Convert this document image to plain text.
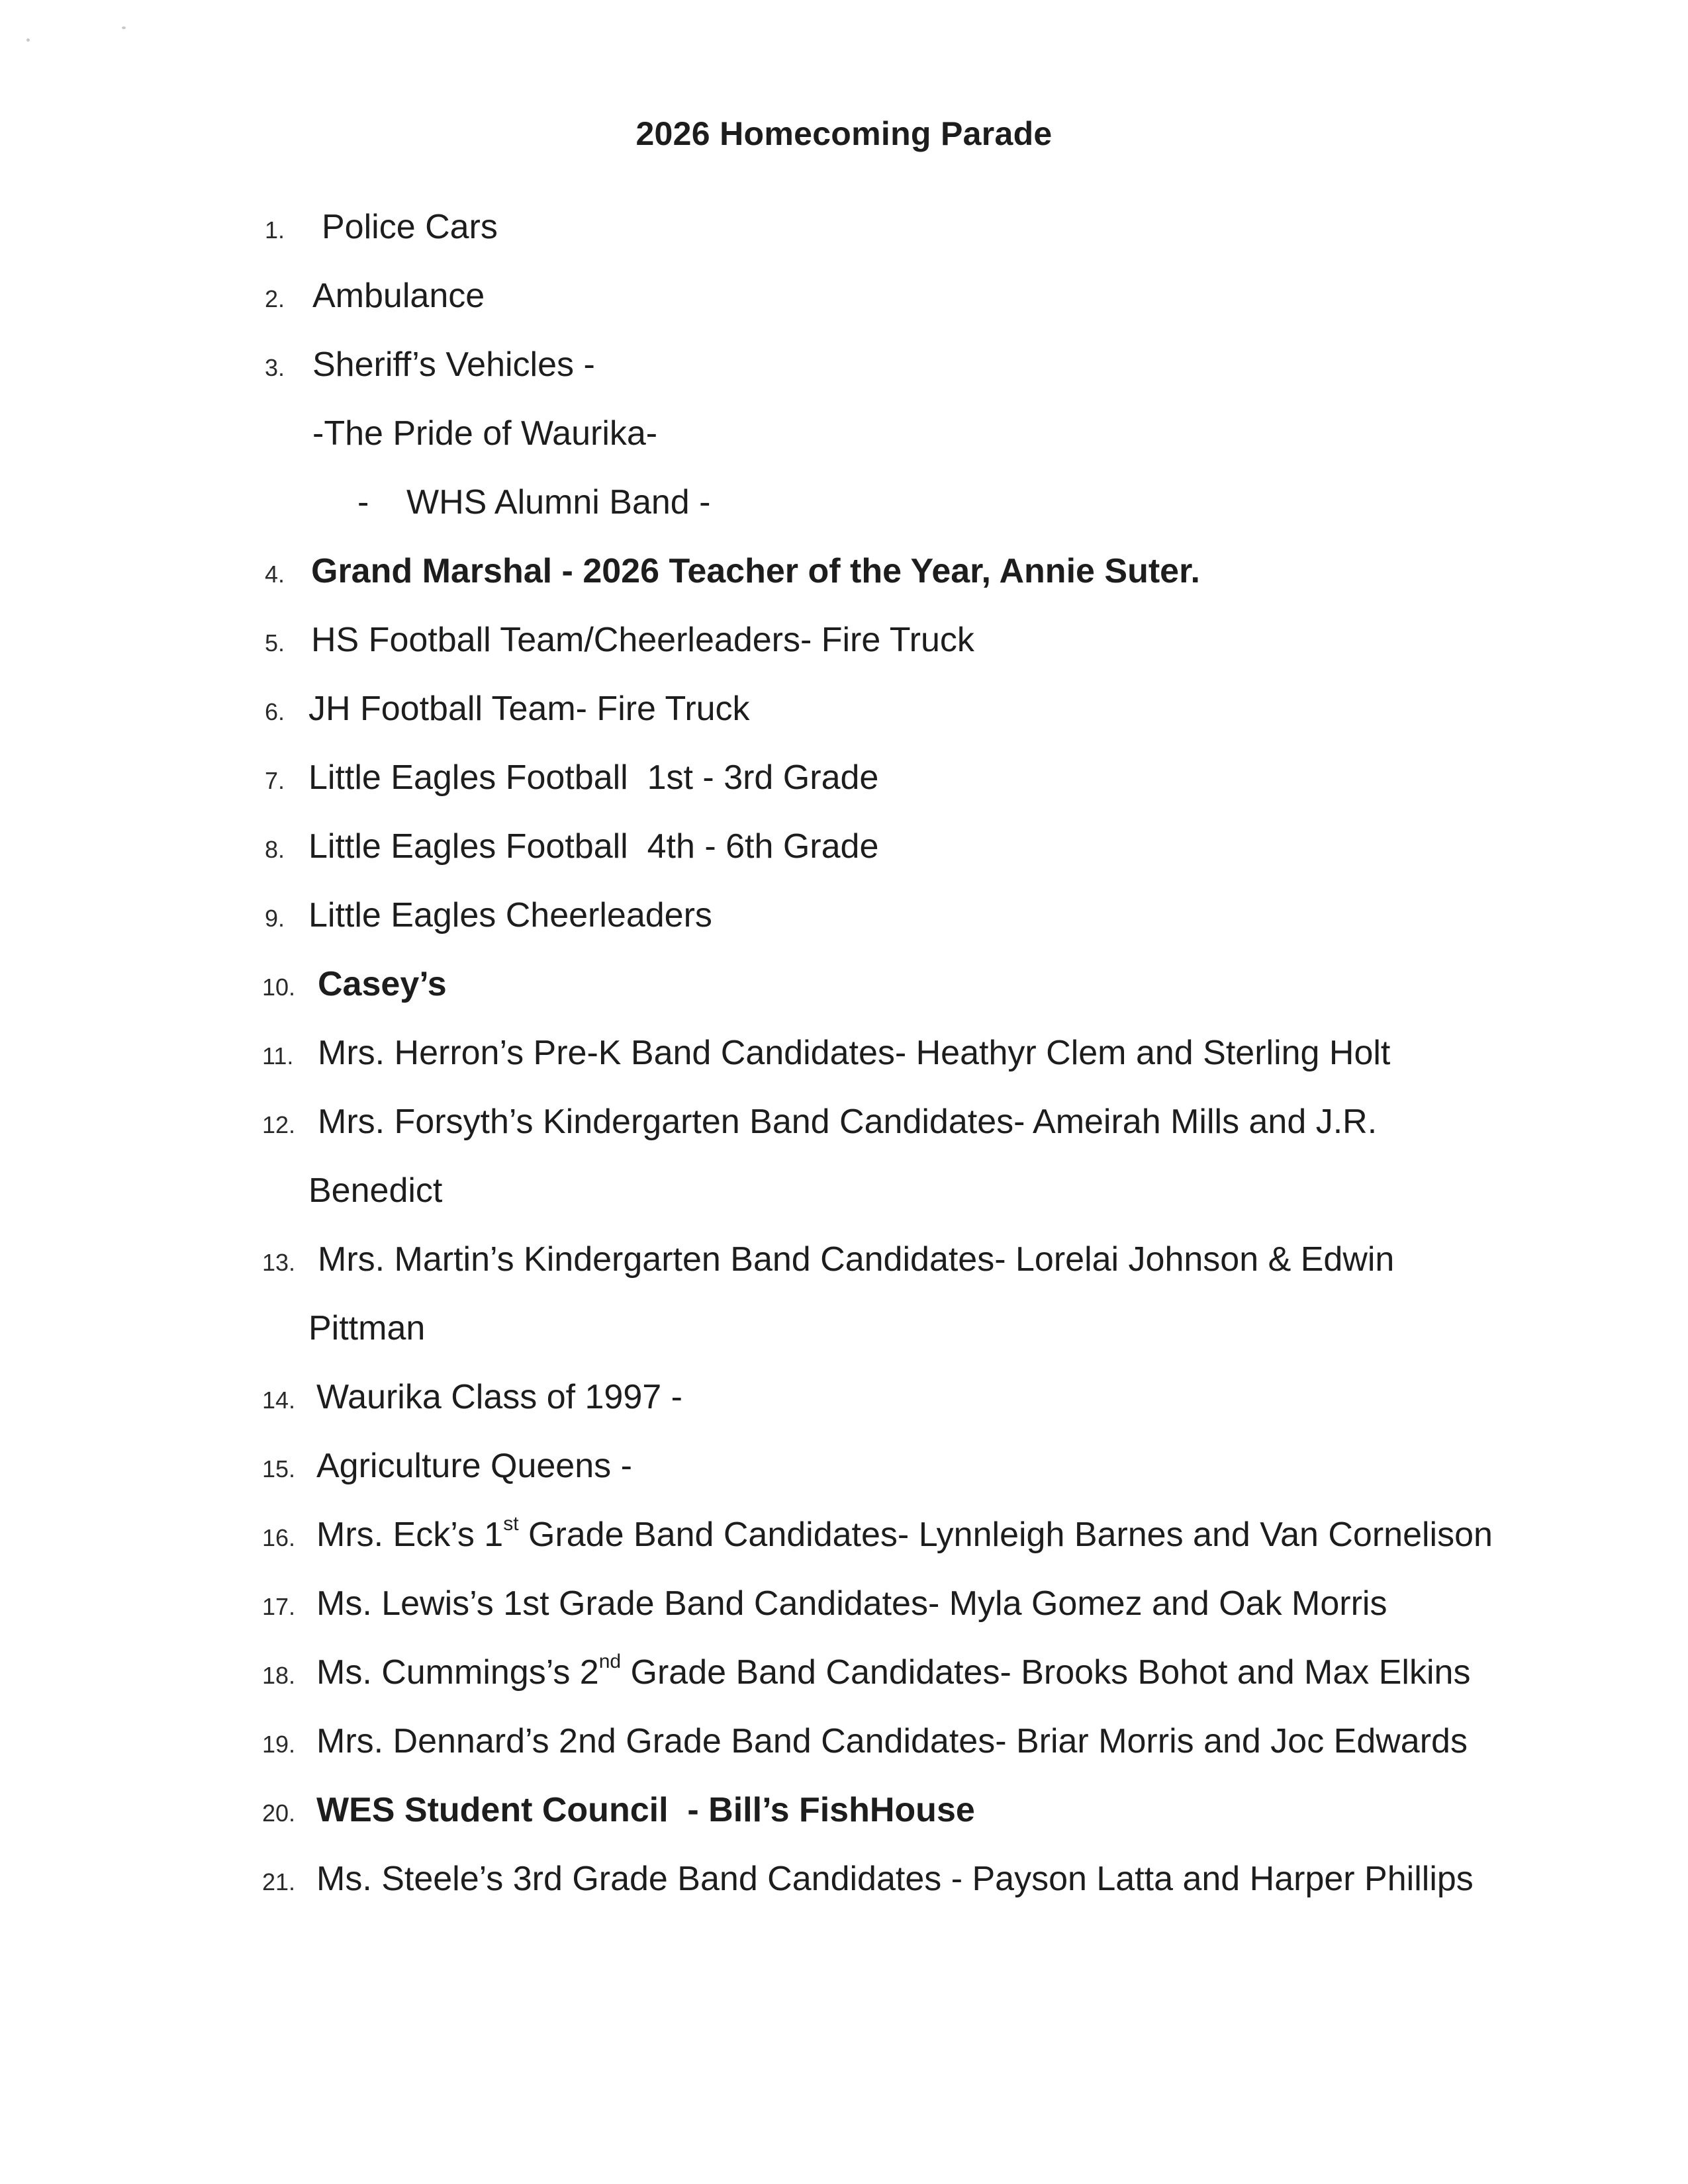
2026 Homecoming Parade
1. Police Cars
2. Ambulance
3. Sheriff’s Vehicles -
-The Pride of Waurika-
- WHS Alumni Band -
4. Grand Marshal - 2026 Teacher of the Year, Annie Suter.
5. HS Football Team/Cheerleaders- Fire Truck
6. JH Football Team- Fire Truck
7. Little Eagles Football  1st - 3rd Grade
8. Little Eagles Football  4th - 6th Grade
9. Little Eagles Cheerleaders
10. Casey’s
11. Mrs. Herron’s Pre-K Band Candidates- Heathyr Clem and Sterling Holt
12. Mrs. Forsyth’s Kindergarten Band Candidates- Ameirah Mills and J.R.
Benedict
13. Mrs. Martin’s Kindergarten Band Candidates- Lorelai Johnson & Edwin
Pittman
14. Waurika Class of 1997 -
15. Agriculture Queens -
16. Mrs. Eck’s 1st Grade Band Candidates- Lynnleigh Barnes and Van Cornelison
17. Ms. Lewis’s 1st Grade Band Candidates- Myla Gomez and Oak Morris
18. Ms. Cummings’s 2nd Grade Band Candidates- Brooks Bohot and Max Elkins
19. Mrs. Dennard’s 2nd Grade Band Candidates- Briar Morris and Joc Edwards
20. WES Student Council  - Bill’s FishHouse
21. Ms. Steele’s 3rd Grade Band Candidates - Payson Latta and Harper Phillips
